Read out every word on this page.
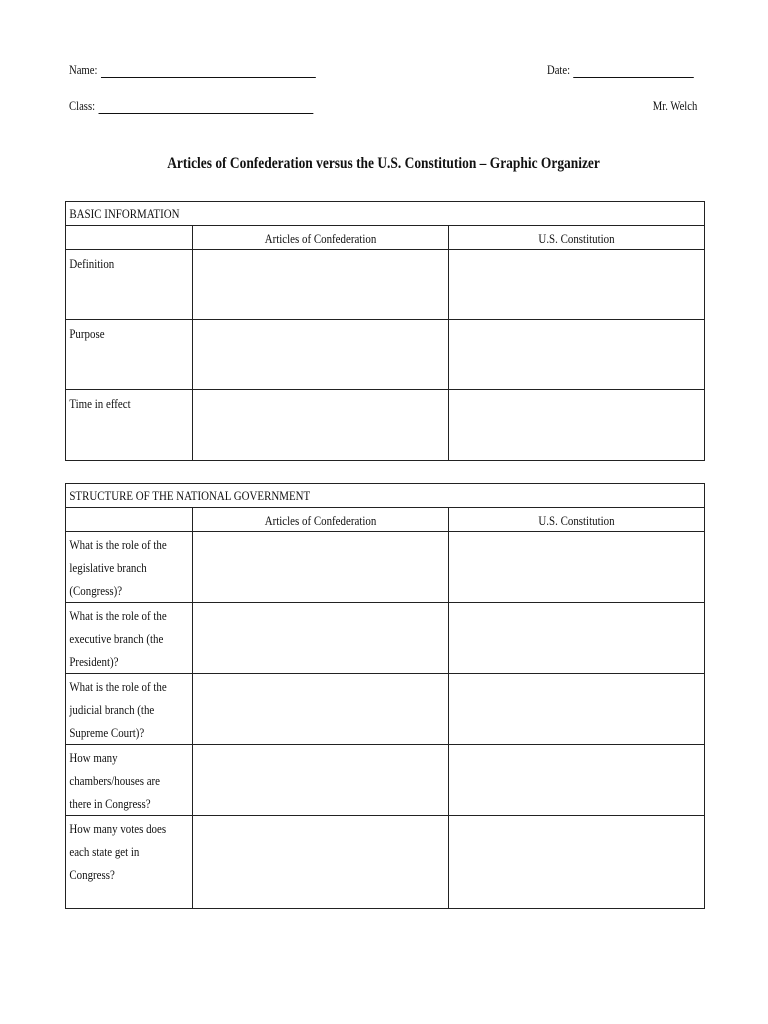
Name:	Date:
Class:	Mr. Welch
Articles of Confederation versus the U.S. Constitution – Graphic Organizer
BASIC INFORMATION		

	Articles of Confederation	U.S. Constitution

Definition		

Purpose		

Time in effect		

STRUCTURE OF THE NATIONAL GOVERNMENT		

	Articles of Confederation	U.S. Constitution

What is the role of the
legislative branch
(Congress)?		

What is the role of the
executive branch (the
President)?		

What is the role of the
judicial branch (the
Supreme Court)?		

How many
chambers/houses are
there in Congress?		

How many votes does
each state get in
Congress?		
